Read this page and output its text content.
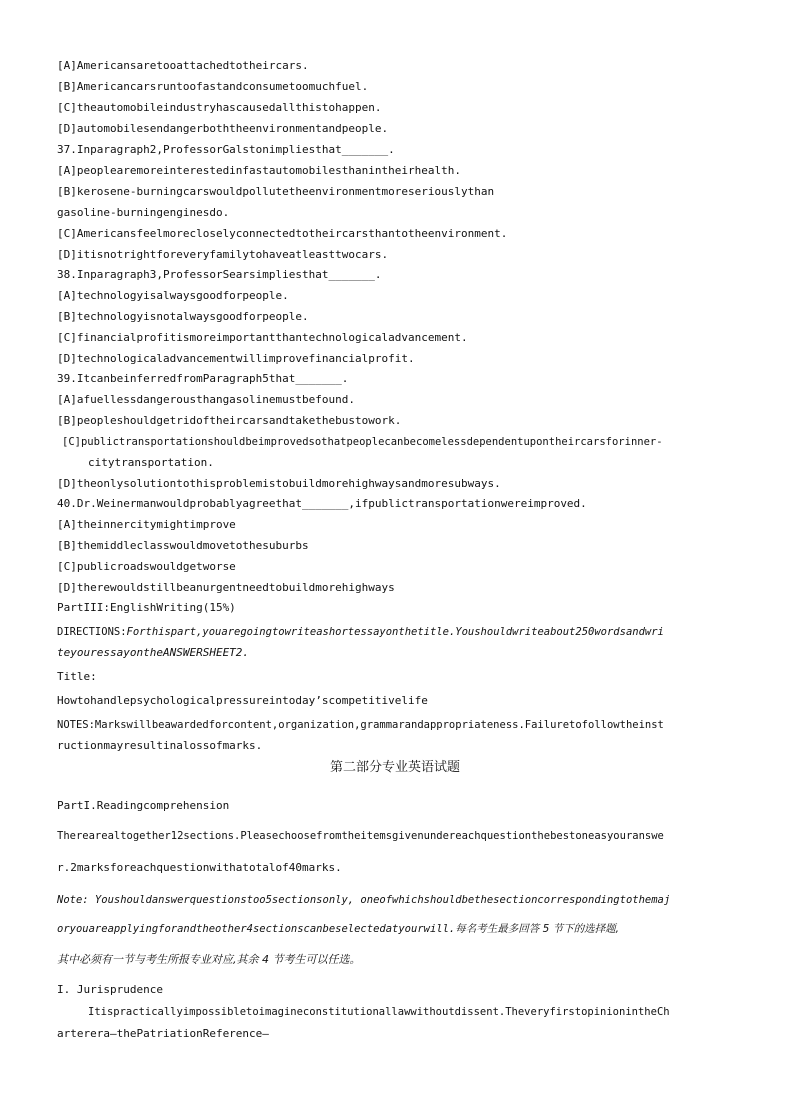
[A]Americansaretooattachedtotheircars.
[B]Americancarsruntoofastandconsumetoomuchfuel.
[C]theautomobileindustryhascausedallthistohappen.
[D]automobilesendangerboththeenvironmentandpeople.
37.Inparagraph2,ProfessorGalstonimpliesthat_______.
[A]peoplearemoreinterestedinfastautomobilesthanintheirhealth.
[B]kerosene-burningcarswouldpollutetheenvironmentmoreseriouslythan
gasoline-burningenginesdo.
[C]Americansfeelmorecloselyconnectedtotheircarsthantotheenvironment.
[D]itisnotrightforeveryfamilytohaveatleasttwocars.
38.Inparagraph3,ProfessorSearsimpliesthat_______.
[A]technologyisalwaysgoodforpeople.
[B]technologyisnotalwaysgoodforpeople.
[C]financialprofitismoreimportantthantechnologicaladvancement.
[D]technologicaladvancementwillimprovefinancialprofit.
39.ItcanbeinferredfromParagraph5that_______.
[A]afuellessdangerousthangasolinemustbefound.
[B]peopleshouldgetridoftheircarsandtakethebustowork.
[C]publictransportationshouldbeimprovedsothatpeoplecanbecomelessdependentupontheircarsforinner-
citytransportation.
[D]theonlysolutiontothisproblemistobuildmorehighwaysandmoresubways.
40.Dr.Weinermanwouldprobablyagreethat_______,ifpublictransportationwereimproved.
[A]theinnercitymightimprove
[B]themiddleclasswouldmovetothesuburbs
[C]publicroadswouldgetworse
[D]therewouldstillbeanurgentneedtobuildmorehighways
PartIII:EnglishWriting(15%)
DIRECTIONS:Forthispart,youaregoingtowriteashortessayonthetitle.Youshouldwriteabout250wordsandwri
teyouressayontheANSWERSHEET2.
Title:
Howtohandlepsychologicalpressureintoday’scompetitivelife
NOTES:Markswillbeawardedforcontent,organization,grammarandappropriateness.Failuretofollowtheinst
ructionmayresultinalossofmarks.
第二部分专业英语试题
PartI.Readingcomprehension
Therearealtogether12sections.Pleasechoosefromtheitemsgivenundereachquestionthebestoneasyouranswe
r.2marksforeachquestionwithatotalof40marks.
Note: Youshouldanswerquestionstoo5sectionsonly, oneofwhichshouldbethesectioncorrespondingtothemaj
oryouareapplyingforandtheother4sectionscanbeselectedatyourwill.每名考生最多回答 5 节下的选择题,
其中必须有一节与考生所报专业对应,其余 4 节考生可以任选。
I. Jurisprudence
Itispracticallyimpossibletoimagineconstitutionallawwithoutdissent.TheveryfirstopinionintheCh
arterera—thePatriationReference—
